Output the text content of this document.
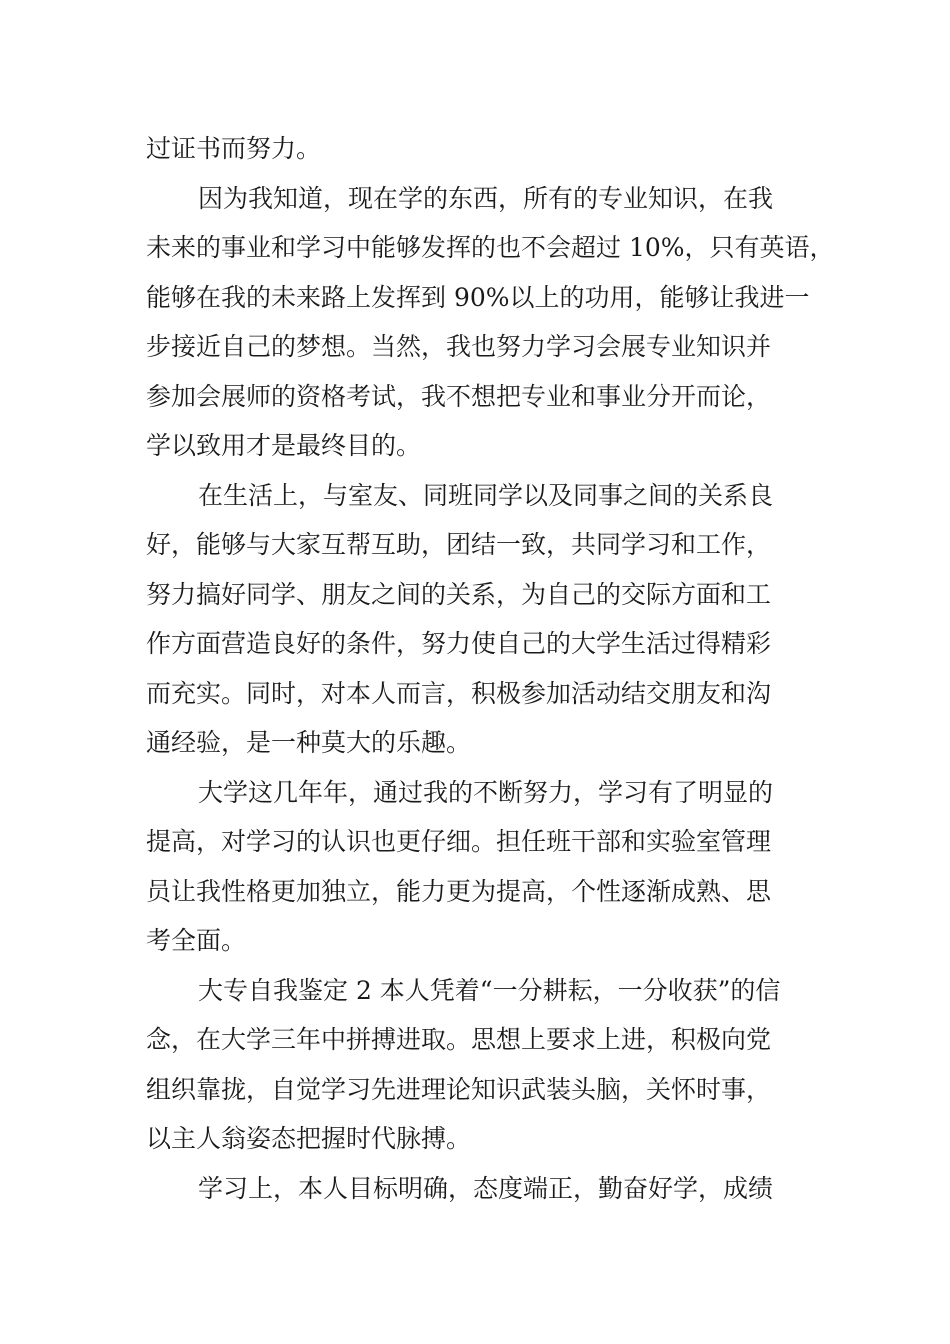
过证书而努力。
因为我知道，现在学的东西，所有的专业知识，在我
未来的事业和学习中能够发挥的也不会超过 10%，只有英语，
能够在我的未来路上发挥到 90%以上的功用，能够让我进一
步接近自己的梦想。当然，我也努力学习会展专业知识并
参加会展师的资格考试，我不想把专业和事业分开而论，
学以致用才是最终目的。
在生活上，与室友、同班同学以及同事之间的关系良
好，能够与大家互帮互助，团结一致，共同学习和工作，
努力搞好同学、朋友之间的关系，为自己的交际方面和工
作方面营造良好的条件，努力使自己的大学生活过得精彩
而充实。同时，对本人而言，积极参加活动结交朋友和沟
通经验，是一种莫大的乐趣。
大学这几年年，通过我的不断努力，学习有了明显的
提高，对学习的认识也更仔细。担任班干部和实验室管理
员让我性格更加独立，能力更为提高，个性逐渐成熟、思
考全面。
大专自我鉴定 2 本人凭着“一分耕耘，一分收获”的信
念，在大学三年中拼搏进取。思想上要求上进，积极向党
组织靠拢，自觉学习先进理论知识武装头脑，关怀时事，
以主人翁姿态把握时代脉搏。
学习上，本人目标明确，态度端正，勤奋好学，成绩
